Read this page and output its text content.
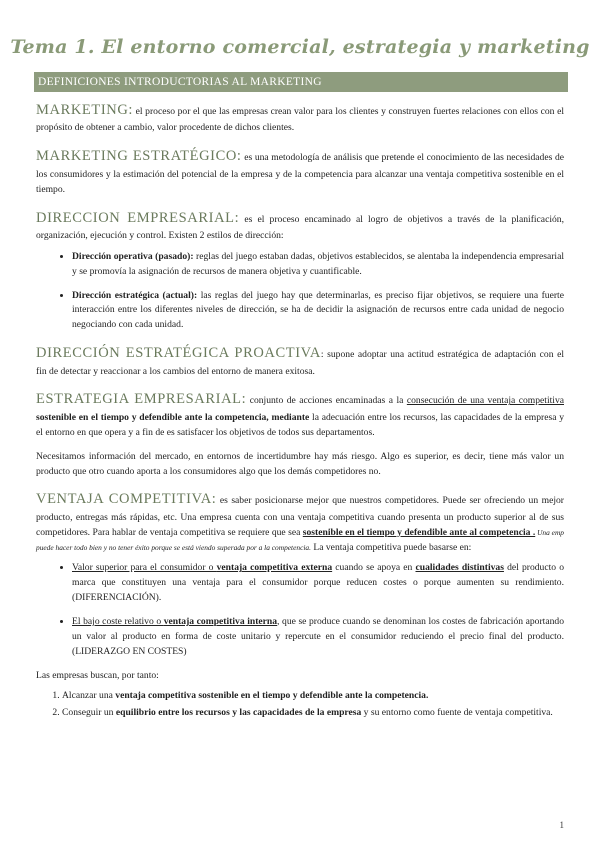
Tema 1. El entorno comercial, estrategia y marketing
DEFINICIONES INTRODUCTORIAS AL MARKETING

MARKETING: el proceso por el que las empresas crean valor para los clientes y construyen fuertes relaciones con ellos con el propósito de obtener a cambio, valor procedente de dichos clientes.

MARKETING ESTRATÉGICO: es una metodología de análisis que pretende el conocimiento de las necesidades de los consumidores y la estimación del potencial de la empresa y de la competencia para alcanzar una ventaja competitiva sostenible en el tiempo.

DIRECCION EMPRESARIAL: es el proceso encaminado al logro de objetivos a través de la planificación, organización, ejecución y control. Existen 2 estilos de dirección:

• Dirección operativa (pasado): reglas del juego estaban dadas, objetivos establecidos, se alentaba la independencia empresarial y se promovía la asignación de recursos de manera objetiva y cuantificable.
• Dirección estratégica (actual): las reglas del juego hay que determinarlas, es preciso fijar objetivos, se requiere una fuerte interacción entre los diferentes niveles de dirección, se ha de decidir la asignación de recursos entre cada unidad de negocio negociando con cada unidad.

DIRECCIÓN ESTRATÉGICA PROACTIVA: supone adoptar una actitud estratégica de adaptación con el fin de detectar y reaccionar a los cambios del entorno de manera exitosa.

ESTRATEGIA EMPRESARIAL: conjunto de acciones encaminadas a la consecución de una ventaja competitiva sostenible en el tiempo y defendible ante la competencia, mediante la adecuación entre los recursos, las capacidades de la empresa y el entorno en que opera y a fin de es satisfacer los objetivos de todos sus departamentos.

Necesitamos información del mercado, en entornos de incertidumbre hay más riesgo. Algo es superior, es decir, tiene más valor un producto que otro cuando aporta a los consumidores algo que los demás competidores no.

VENTAJA COMPETITIVA: es saber posicionarse mejor que nuestros competidores. Puede ser ofreciendo un mejor producto, entregas más rápidas, etc. Una empresa cuenta con una ventaja competitiva cuando presenta un producto superior al de sus competidores. Para hablar de ventaja competitiva se requiere que sea sostenible en el tiempo y defendible ante al competencia . Una emp puede hacer todo bien y no tener éxito porque se está viendo superada por a la competencia. La ventaja competitiva puede basarse en:

• Valor superior para el consumidor o ventaja competitiva externa cuando se apoya en cualidades distintivas del producto o marca que constituyen una ventaja para el consumidor porque reducen costes o porque aumenten su rendimiento. (DIFERENCIACIÓN).
• El bajo coste relativo o ventaja competitiva interna, que se produce cuando se denominan los costes de fabricación aportando un valor al producto en forma de coste unitario y repercute en el consumidor reduciendo el precio final del producto. (LIDERAZGO EN COSTES)

Las empresas buscan, por tanto:

1. Alcanzar una ventaja competitiva sostenible en el tiempo y defendible ante la competencia.
2. Conseguir un equilibrio entre los recursos y las capacidades de la empresa y su entorno como fuente de ventaja competitiva.
1
